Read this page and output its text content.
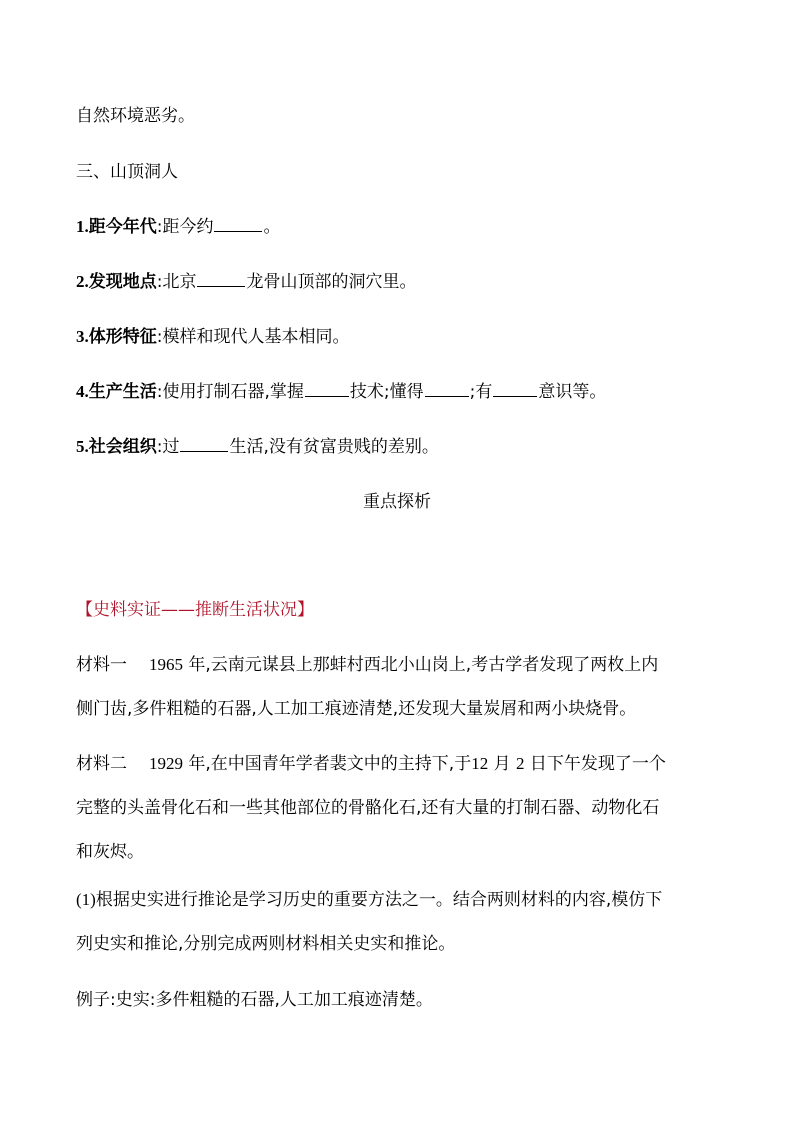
自然环境恶劣。
三、山顶洞人
1.距今年代:距今约	。
2.发现地点:北京	龙骨山顶部的洞穴里。
3.体形特征:模样和现代人基本相同。
4.生产生活:使用打制石器,掌握	技术;懂得	;有	意识等。
5.社会组织:过	生活,没有贫富贵贱的差别。
重点探析
【史料实证——推断生活状况】
材料一 1965 年,云南元谋县上那蚌村西北小山岗上,考古学者发现了两枚上内
侧门齿,多件粗糙的石器,人工加工痕迹清楚,还发现大量炭屑和两小块烧骨。
材料二 1929 年,在中国青年学者裴文中的主持下,于12 月 2 日下午发现了一个
完整的头盖骨化石和一些其他部位的骨骼化石,还有大量的打制石器、动物化石
和灰烬。
(1)根据史实进行推论是学习历史的重要方法之一。结合两则材料的内容,模仿下
列史实和推论,分别完成两则材料相关史实和推论。
例子:史实:多件粗糙的石器,人工加工痕迹清楚。
